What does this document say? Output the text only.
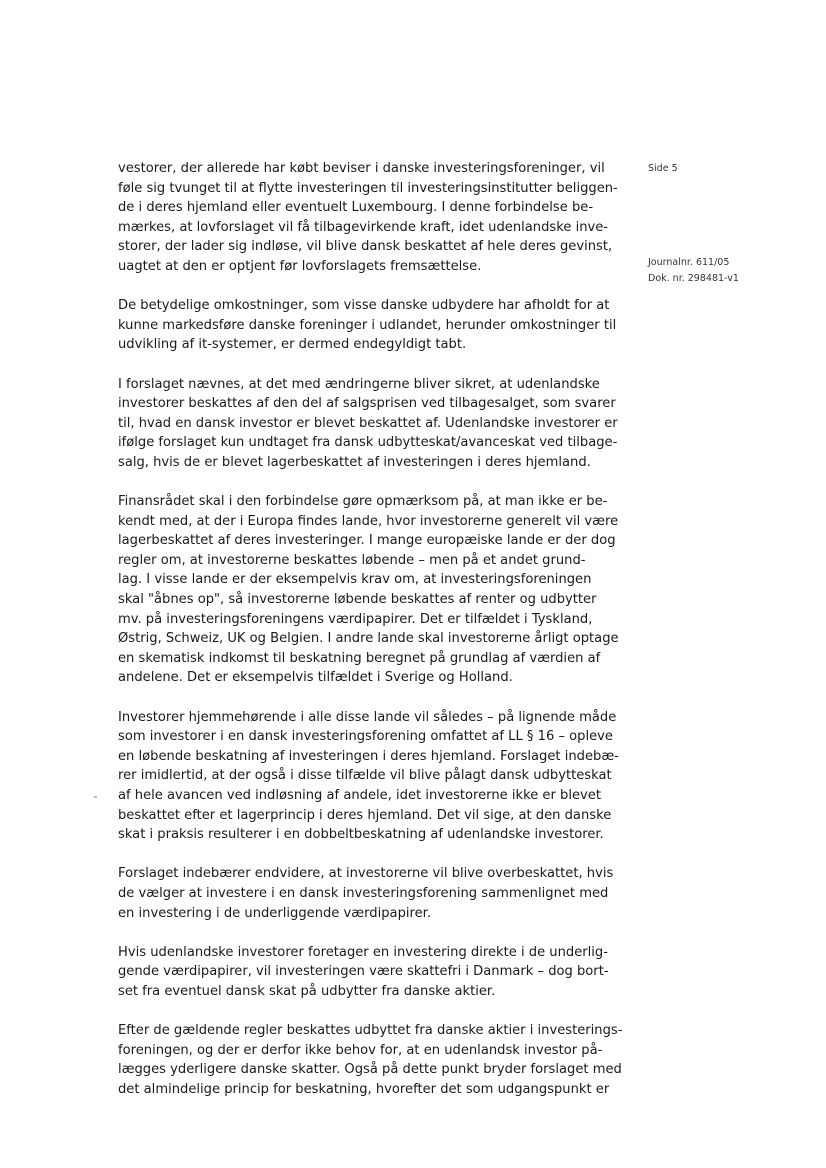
vestorer, der allerede har købt beviser i danske investeringsforeninger, vil
føle sig tvunget til at flytte investeringen til investeringsinstitutter beliggen-
de i deres hjemland eller eventuelt Luxembourg. I denne forbindelse be-
mærkes, at lovforslaget vil få tilbagevirkende kraft, idet udenlandske inve-
storer, der lader sig indløse, vil blive dansk beskattet af hele deres gevinst,
uagtet at den er optjent før lovforslagets fremsættelse.

De betydelige omkostninger, som visse danske udbydere har afholdt for at
kunne markedsføre danske foreninger i udlandet, herunder omkostninger til
udvikling af it-systemer, er dermed endegyldigt tabt.

I forslaget nævnes, at det med ændringerne bliver sikret, at udenlandske
investorer beskattes af den del af salgsprisen ved tilbagesalget, som svarer
til, hvad en dansk investor er blevet beskattet af. Udenlandske investorer er
ifølge forslaget kun undtaget fra dansk udbytteskat/avanceskat ved tilbage-
salg, hvis de er blevet lagerbeskattet af investeringen i deres hjemland.

Finansrådet skal i den forbindelse gøre opmærksom på, at man ikke er be-
kendt med, at der i Europa findes lande, hvor investorerne generelt vil være
lagerbeskattet af deres investeringer. I mange europæiske lande er der dog
regler om, at investorerne beskattes løbende – men på et andet grund-
lag. I visse lande er der eksempelvis krav om, at investeringsforeningen
skal "åbnes op", så investorerne løbende beskattes af renter og udbytter
mv. på investeringsforeningens værdipapirer. Det er tilfældet i Tyskland,
Østrig, Schweiz, UK og Belgien. I andre lande skal investorerne årligt optage
en skematisk indkomst til beskatning beregnet på grundlag af værdien af
andelene. Det er eksempelvis tilfældet i Sverige og Holland.

Investorer hjemmehørende i alle disse lande vil således – på lignende måde
som investorer i en dansk investeringsforening omfattet af LL § 16 – opleve
en løbende beskatning af investeringen i deres hjemland. Forslaget indebæ-
rer imidlertid, at der også i disse tilfælde vil blive pålagt dansk udbytteskat
af hele avancen ved indløsning af andele, idet investorerne ikke er blevet
beskattet efter et lagerprincip i deres hjemland. Det vil sige, at den danske
skat i praksis resulterer i en dobbeltbeskatning af udenlandske investorer.

Forslaget indebærer endvidere, at investorerne vil blive overbeskattet, hvis
de vælger at investere i en dansk investeringsforening sammenlignet med
en investering i de underliggende værdipapirer.

Hvis udenlandske investorer foretager en investering direkte i de underlig-
gende værdipapirer, vil investeringen være skattefri i Danmark – dog bort-
set fra eventuel dansk skat på udbytter fra danske aktier.

Efter de gældende regler beskattes udbyttet fra danske aktier i investerings-
foreningen, og der er derfor ikke behov for, at en udenlandsk investor på-
lægges yderligere danske skatter. Også på dette punkt bryder forslaget med
det almindelige princip for beskatning, hvorefter det som udgangspunkt er

Side 5
Journalnr. 611/05
Dok. nr. 298481-v1
